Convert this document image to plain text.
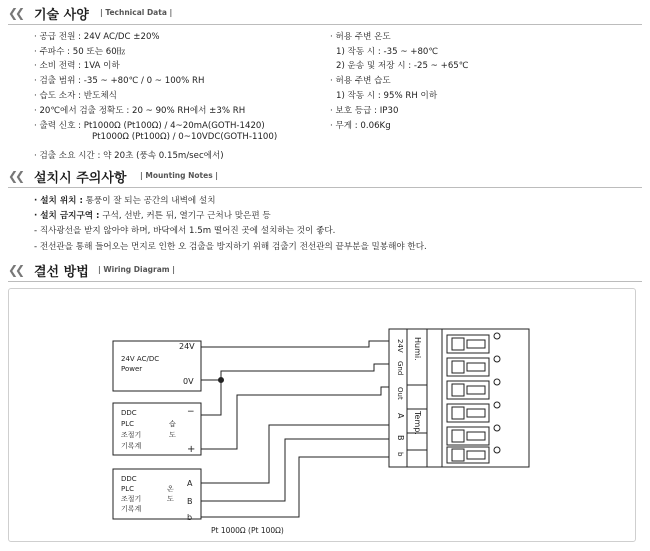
❮❮ 기술 사양 | Technical Data |
· 공급 전원 : 24V AC/DC ±20%
· 주파수 : 50 또는 60㎐
· 소비 전력 : 1VA 이하
· 검출 범위 : -35 ~ +80℃ / 0 ~ 100% RH
· 습도 소자 : 반도체식
· 20℃에서 검출 정확도 : 20 ~ 90% RH에서 ±3% RH
· 출력 신호 : Pt1000Ω (Pt100Ω) / 4~20mA(GOTH-1420)
Pt1000Ω (Pt100Ω) / 0~10VDC(GOTH-1100)
· 검출 소요 시간 : 약 20초 (풍속 0.15m/sec에서)
· 허용 주변 온도
1) 작동 시 : -35 ~ +80℃
2) 운송 및 저장 시 : -25 ~ +65℃
· 허용 주변 습도
1) 작동 시 : 95% RH 이하
· 보호 등급 : IP30
· 무게 : 0.06Kg
❮❮ 설치시 주의사항 | Mounting Notes |
· 설치 위치 : 통풍이 잘 되는 공간의 내벽에 설치
· 설치 금지구역 : 구석, 선반, 커튼 뒤, 열기구 근처나 맞은편 등
- 직사광선을 받지 않아야 하며, 바닥에서 1.5m 떨어진 곳에 설치하는 것이 좋다.
- 전선관을 통해 들어오는 먼지로 인한 오 검출을 방지하기 위해 검출기 전선관의 끝부분을 밀봉해야 한다.
❮❮ 결선 방법 | Wiring Diagram |
24V
24V AC/DC
Power
0V
DDC
PLC
조절기
기록계
습
도
−
+
DDC
PLC
조절기
기록계
온
도
A
B
b
24V
Gnd
Out
A
B
b
Humi.
Temp.
Pt 1000Ω (Pt 100Ω)
